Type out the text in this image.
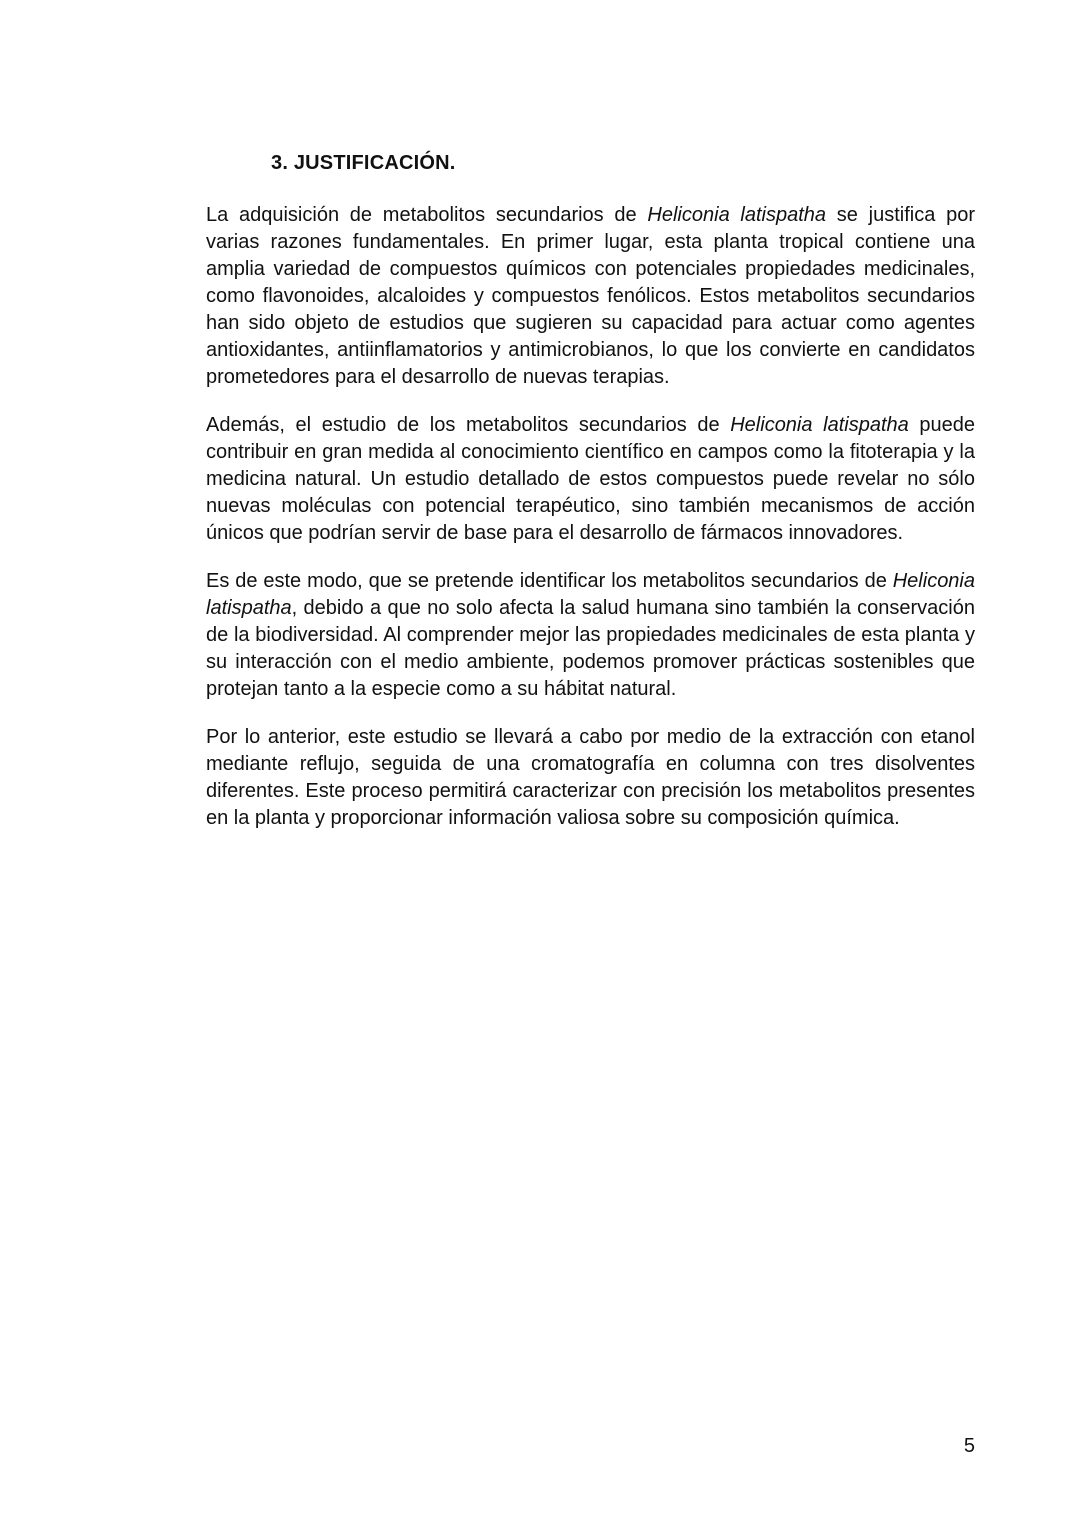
3. JUSTIFICACIÓN.

La adquisición de metabolitos secundarios de Heliconia latispatha se justifica por varias razones fundamentales. En primer lugar, esta planta tropical contiene una amplia variedad de compuestos químicos con potenciales propiedades medicinales, como flavonoides, alcaloides y compuestos fenólicos. Estos metabolitos secundarios han sido objeto de estudios que sugieren su capacidad para actuar como agentes antioxidantes, antiinflamatorios y antimicrobianos, lo que los convierte en candidatos prometedores para el desarrollo de nuevas terapias.

Además, el estudio de los metabolitos secundarios de Heliconia latispatha puede contribuir en gran medida al conocimiento científico en campos como la fitoterapia y la medicina natural. Un estudio detallado de estos compuestos puede revelar no sólo nuevas moléculas con potencial terapéutico, sino también mecanismos de acción únicos que podrían servir de base para el desarrollo de fármacos innovadores.

Es de este modo, que se pretende identificar los metabolitos secundarios de Heliconia latispatha, debido a que no solo afecta la salud humana sino también la conservación de la biodiversidad. Al comprender mejor las propiedades medicinales de esta planta y su interacción con el medio ambiente, podemos promover prácticas sostenibles que protejan tanto a la especie como a su hábitat natural.

Por lo anterior, este estudio se llevará a cabo por medio de la extracción con etanol mediante reflujo, seguida de una cromatografía en columna con tres disolventes diferentes. Este proceso permitirá caracterizar con precisión los metabolitos presentes en la planta y proporcionar información valiosa sobre su composición química.

5
